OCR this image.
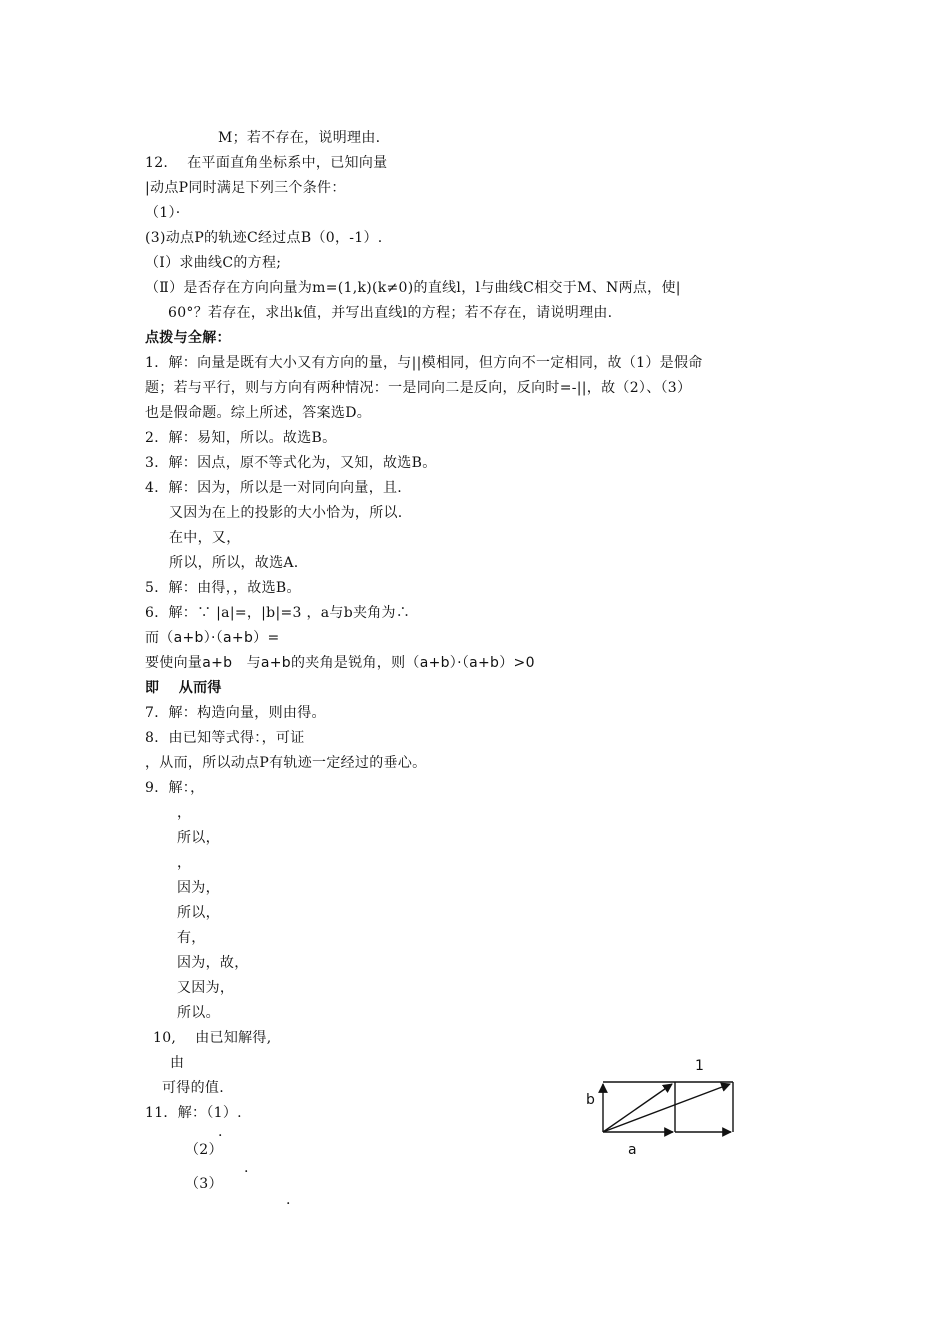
M；若不存在，说明理由.
12.　 在平面直角坐标系中，已知向量
|动点P同时满足下列三个条件：
（1）·
(3)动点P的轨迹C经过点B（0，-1）.
（Ⅰ）求曲线C的方程;
（Ⅱ）是否存在方向向量为m=(1,k)(k≠0)的直线l，l与曲线C相交于M、N两点，使|
60°？若存在，求出k值，并写出直线l的方程；若不存在，请说明理由.
点拨与全解：
1．解：向量是既有大小又有方向的量，与||模相同，但方向不一定相同，故（1）是假命
题；若与平行，则与方向有两种情况：一是同向二是反向，反向时=-||，故（2）、（3）
也是假命题。综上所述，答案选D。
2．解：易知，所以。故选B。
3．解：因点，原不等式化为，又知，故选B。
4．解：因为，所以是一对同向向量，且.
又因为在上的投影的大小恰为，所以.
在中，又，
所以，所以，故选A.
5．解：由得，，故选B。
6．解：∵ |a|=，|b|=3 ，a与b夹角为∴
而（a+b）·（a+b）=
要使向量a+b　与a+b的夹角是锐角，则（a+b）·（a+b）>0
即　 从而得
7．解：构造向量，则由得。
8．由已知等式得：，可证
，从而，所以动点P有轨迹一定经过的垂心。
9．解：，
，
所以，
，
因为，
所以，
有，
因为，故，
又因为，
所以。
10,　 由已知解得,
由
可得的值.
11．解：（1）.
.
（2）
.
（3）
.
1
b
a
